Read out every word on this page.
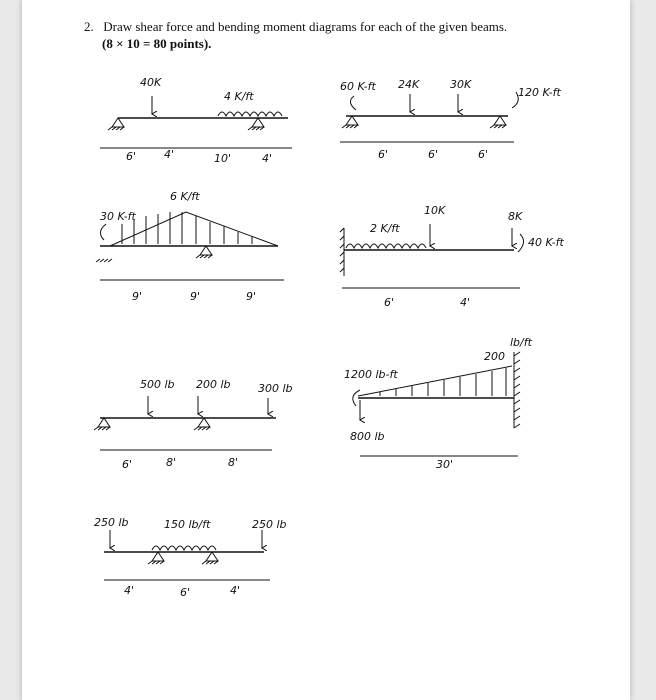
2. Draw shear force and bending moment diagrams for each of the given beams.
(8 × 10 = 80 points).
40K
4 K/ft
6'	4'	10'	4'
60 K-ft 24K	30K
120 K-ft
6'	6'	6'
6 K/ft
30 K-ft
9'	9'	9'
2 K/ft
10K	8K
40 K-ft
6'	4'
500 lb 200 lb 300 lb
6'	8'	8'
200
lb/ft
1200 lb-ft
800 lb
30'
250 lb	150 lb/ft	250 lb
4'	6'	4'
